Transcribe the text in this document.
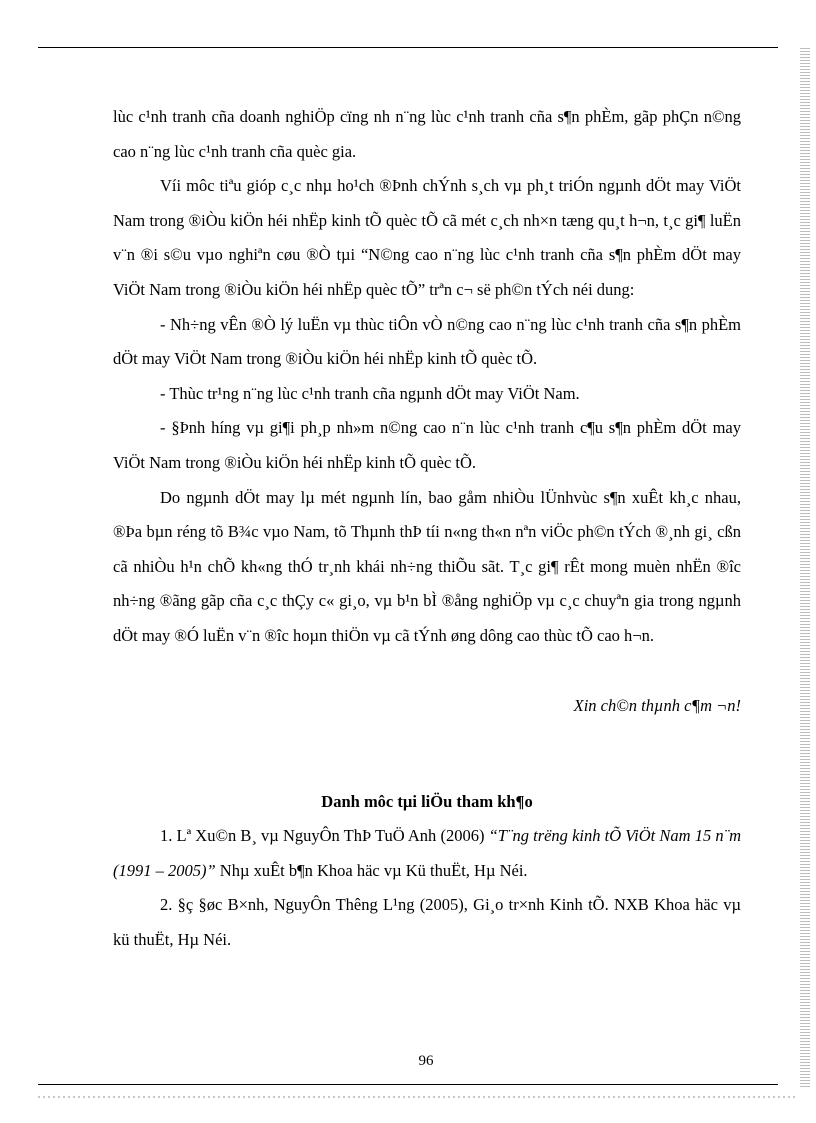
lùc c¹nh tranh cña doanh nghiÖp cïng nh n¨ng lùc c¹nh tranh cña s¶n phÈm, gãp phÇn n©ng cao n¨ng lùc c¹nh tranh cña quèc gia.

Víi môc tiªu gióp c¸c nhµ ho¹ch ®Þnh chÝnh s¸ch vµ ph¸t triÓn ngµnh dÖt may ViÖt Nam trong ®iÒu kiÖn héi nhËp kinh tÕ quèc tÕ cã mét c¸ch nh×n tæng qu¸t h¬n, t¸c gi¶ luËn v¨n ®i s©u vµo nghiªn cøu ®Ò tµi “N©ng cao n¨ng lùc c¹nh tranh cña s¶n phÈm dÖt may ViÖt Nam trong ®iÒu kiÖn héi nhËp quèc tÕ” trªn c¬ së ph©n tÝch néi dung:

- Nh÷ng vÊn ®Ò lý luËn vµ thùc tiÔn vÒ n©ng cao n¨ng lùc c¹nh tranh cña s¶n phÈm dÖt may ViÖt Nam trong ®iÒu kiÖn héi nhËp kinh tÕ quèc tÕ.

- Thùc tr¹ng n¨ng lùc c¹nh tranh cña ngµnh dÖt may ViÖt Nam.

- §Þnh híng vµ gi¶i ph¸p nh»m n©ng cao n¨n lùc c¹nh tranh c¶u s¶n phÈm dÖt may ViÖt Nam trong ®iÒu kiÖn héi nhËp kinh tÕ quèc tÕ.

Do ngµnh dÖt may lµ mét ngµnh lín, bao gåm nhiÒu lÜnhvùc s¶n xuÊt kh¸c nhau, ®Þa bµn réng tõ B¾c vµo Nam, tõ Thµnh thÞ tíi n«ng th«n nªn viÖc ph©n tÝch ®¸nh gi¸ cßn cã nhiÒu h¹n chÕ kh«ng thÓ tr¸nh khái nh÷ng thiÕu sãt. T¸c gi¶ rÊt mong muèn nhËn ®îc nh÷ng ®ãng gãp cña c¸c thÇy c« gi¸o, vµ b¹n bÌ ®ång nghiÖp vµ c¸c chuyªn gia trong ngµnh dÖt may ®Ó luËn v¨n ®îc hoµn thiÖn vµ cã tÝnh øng dông cao thùc tÕ cao h¬n.

Xin ch©n thµnh c¶m ¬n!

Danh môc tµi liÖu tham kh¶o

1. Lª Xu©n B¸ vµ NguyÔn ThÞ TuÖ Anh (2006) “T¨ng trëng kinh tÕ ViÖt Nam 15 n¨m (1991 – 2005)” Nhµ xuÊt b¶n Khoa häc vµ Kü thuËt, Hµ Néi.

2. §ç §øc B×nh, NguyÔn Thêng L¹ng (2005), Gi¸o tr×nh Kinh tÕ. NXB Khoa häc vµ kü thuËt, Hµ Néi.

96
